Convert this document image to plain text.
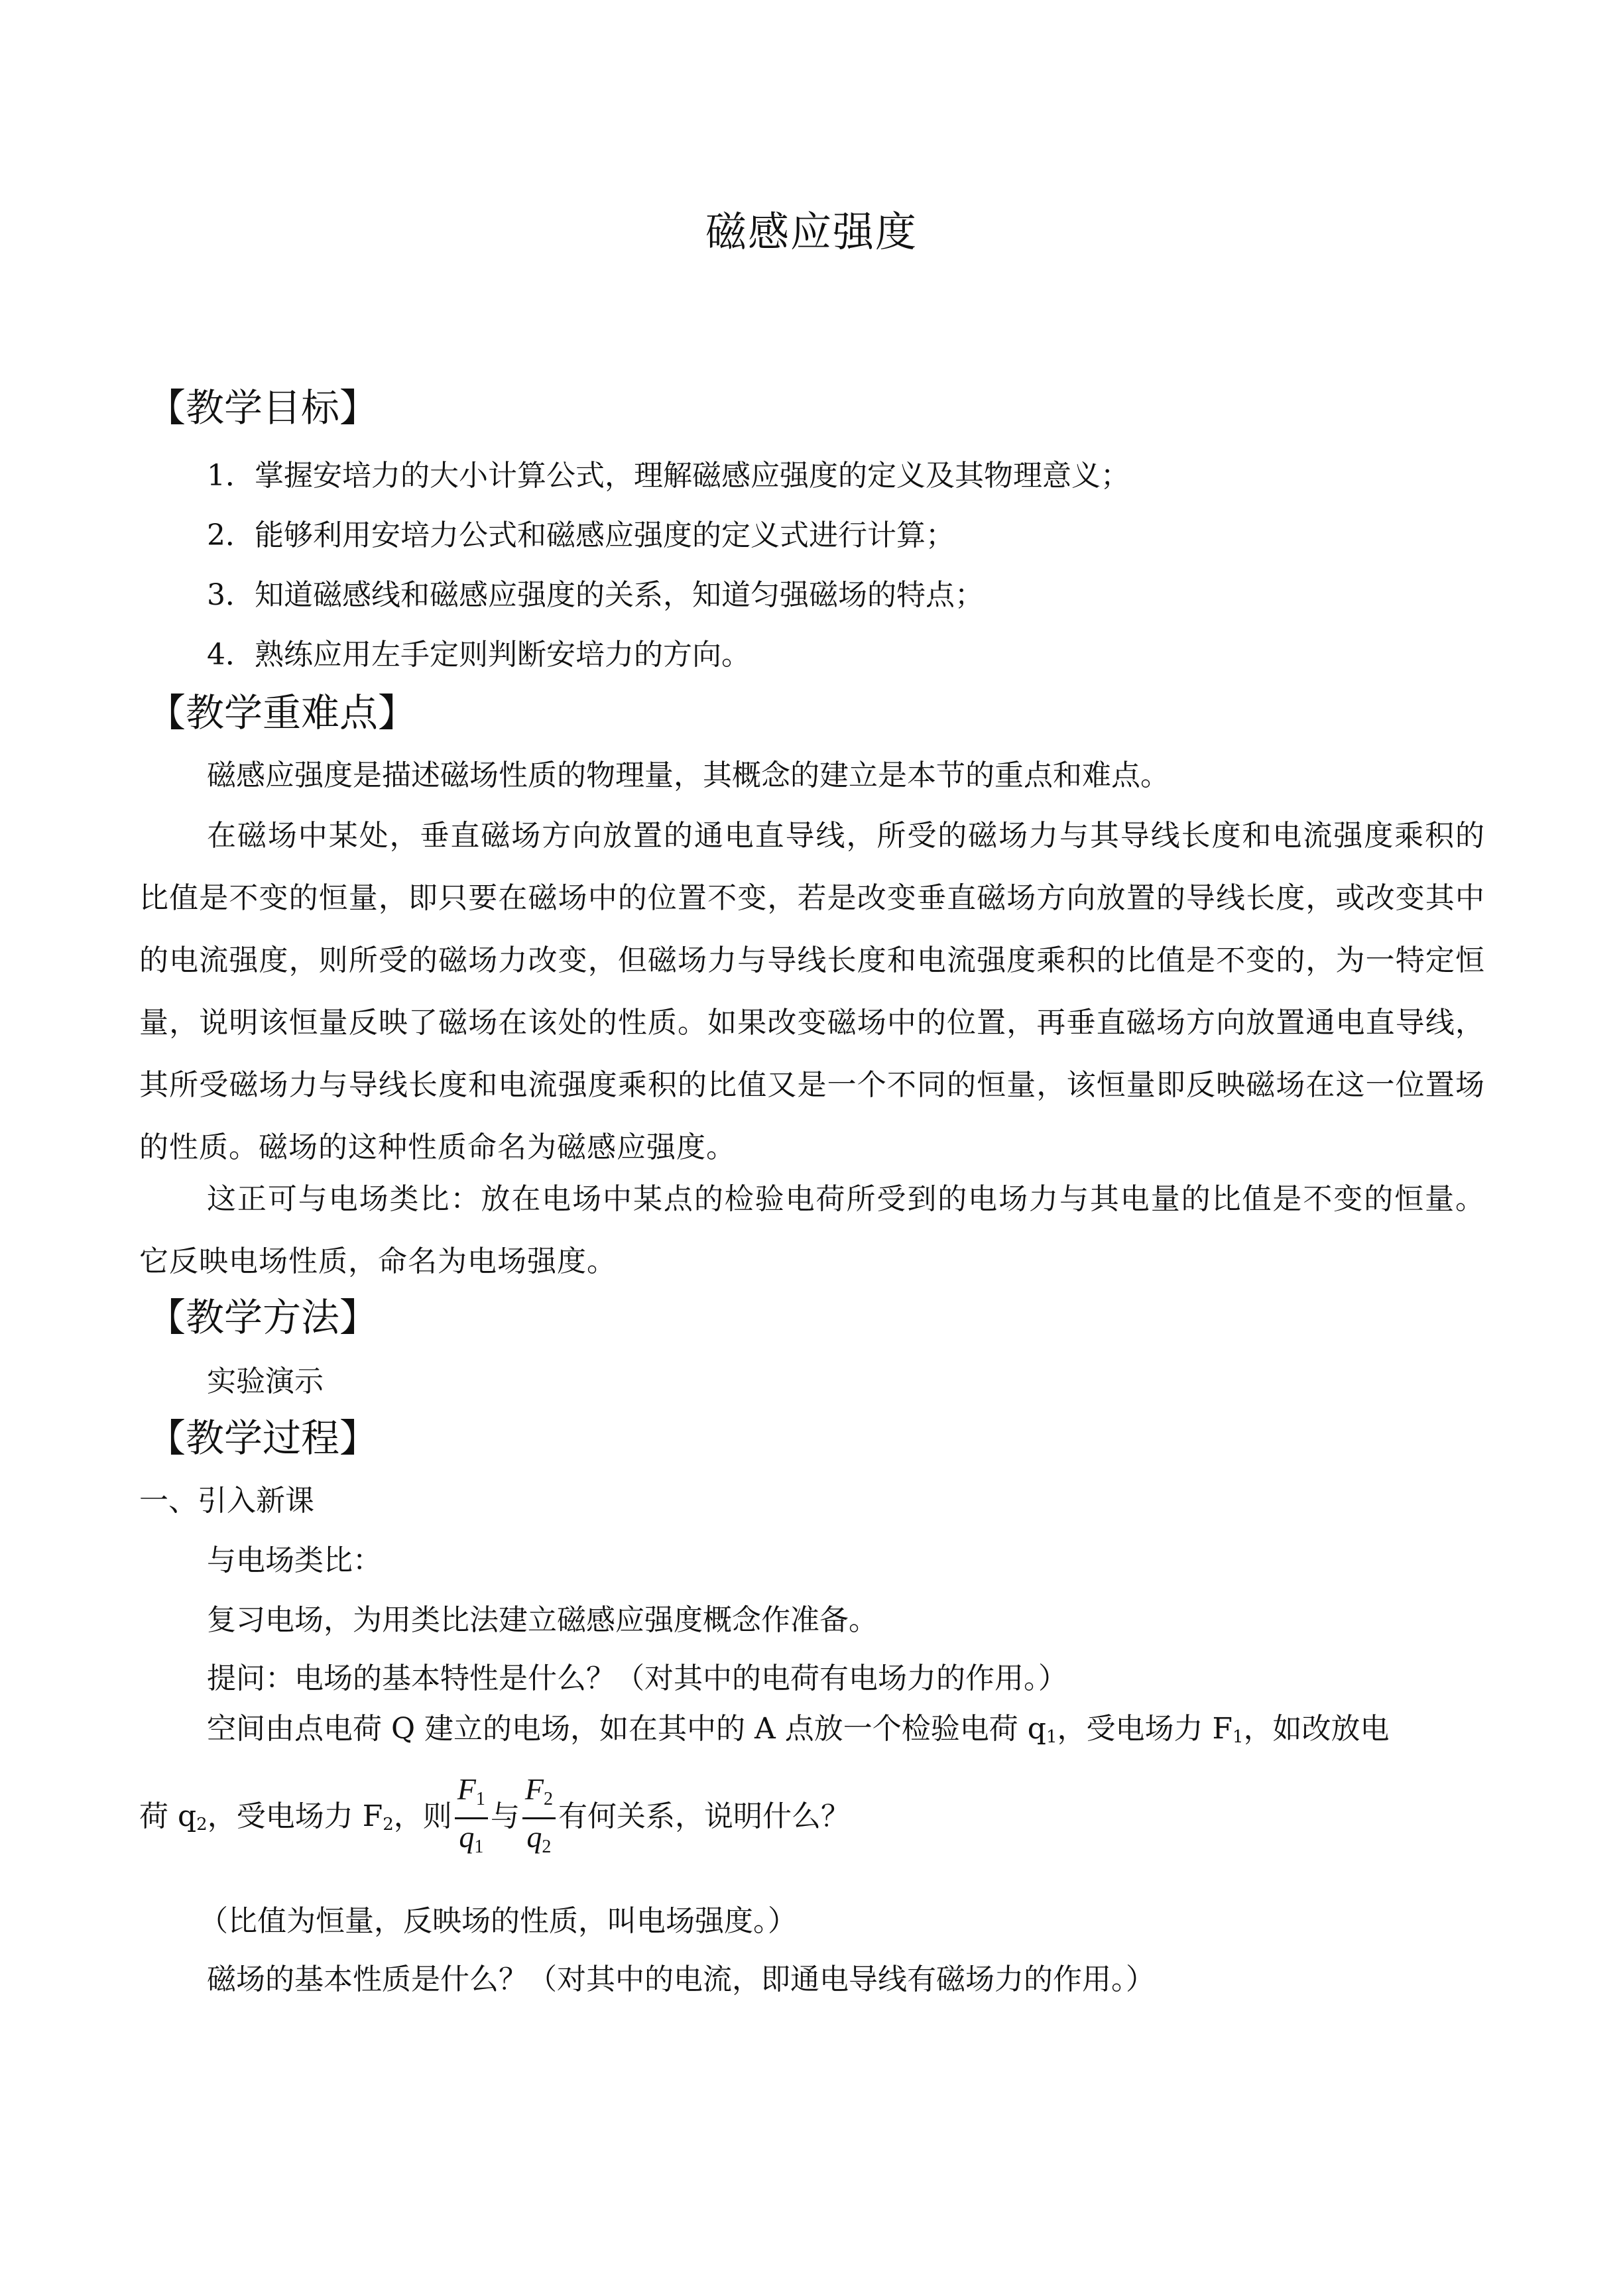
磁感应强度
【教学目标】
1．掌握安培力的大小计算公式，理解磁感应强度的定义及其物理意义；
2．能够利用安培力公式和磁感应强度的定义式进行计算；
3．知道磁感线和磁感应强度的关系，知道匀强磁场的特点；
4．熟练应用左手定则判断安培力的方向。
【教学重难点】
磁感应强度是描述磁场性质的物理量，其概念的建立是本节的重点和难点。
在磁场中某处，垂直磁场方向放置的通电直导线，所受的磁场力与其导线长度和电流强度乘积的比值是不变的恒量，即只要在磁场中的位置不变，若是改变垂直磁场方向放置的导线长度，或改变其中的电流强度，则所受的磁场力改变，但磁场力与导线长度和电流强度乘积的比值是不变的，为一特定恒量，说明该恒量反映了磁场在该处的性质。如果改变磁场中的位置，再垂直磁场方向放置通电直导线，其所受磁场力与导线长度和电流强度乘积的比值又是一个不同的恒量，该恒量即反映磁场在这一位置场的性质。磁场的这种性质命名为磁感应强度。
这正可与电场类比：放在电场中某点的检验电荷所受到的电场力与其电量的比值是不变的恒量。它反映电场性质，命名为电场强度。
【教学方法】
实验演示
【教学过程】
一、引入新课
与电场类比：
复习电场，为用类比法建立磁感应强度概念作准备。
提问：电场的基本特性是什么？（对其中的电荷有电场力的作用。）
空间由点电荷 Q 建立的电场，如在其中的 A 点放一个检验电荷 $q_1$，受电场力 $F_1$，如改放电
荷 $q_2$，受电场力 $F_2$，则 $\frac{F_1}{q_1}$ 与 $\frac{F_2}{q_2}$ 有何关系，说明什么？
（比值为恒量，反映场的性质，叫电场强度。）
磁场的基本性质是什么？（对其中的电流，即通电导线有磁场力的作用。）
